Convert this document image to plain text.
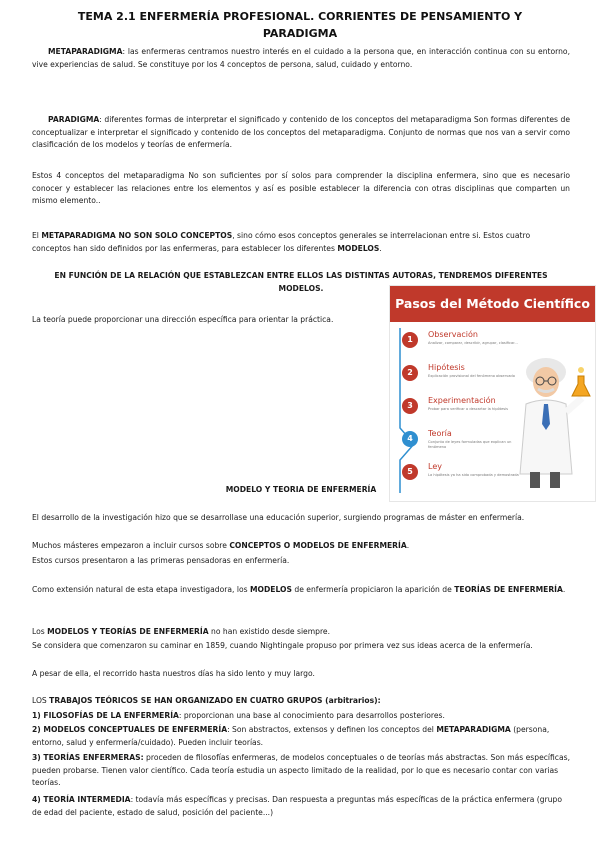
TEMA 2.1 ENFERMERÍA PROFESIONAL. CORRIENTES DE PENSAMIENTO Y
PARADIGMA

METAPARADIGMA: las enfermeras centramos nuestro interés en el cuidado a la persona que, en interacción continua con su entorno, vive experiencias de salud. Se constituye por los 4 conceptos de persona, salud, cuidado y entorno.

PARADIGMA: diferentes formas de interpretar el significado y contenido de los conceptos del metaparadigma Son formas diferentes de conceptualizar e interpretar el significado y contenido de los conceptos del metaparadigma. Conjunto de normas que nos van a servir como clasificación de los modelos y teorías de enfermería.

Estos 4 conceptos del metaparadigma No son suficientes por sí solos para comprender la disciplina enfermera, sino que es necesario conocer y establecer las relaciones entre los elementos y así es posible establecer la diferencia con otras disciplinas que comparten un mismo elemento..

El METAPARADIGMA NO SON SOLO CONCEPTOS, sino cómo esos conceptos generales se interrelacionan entre si. Estos cuatro conceptos han sido definidos por las enfermeras, para establecer los diferentes MODELOS.

EN FUNCIÓN DE LA RELACIÓN QUE ESTABLEZCAN ENTRE ELLOS LAS DISTINTAS AUTORAS, TENDREMOS DIFERENTES MODELOS.

La teoría puede proporcionar una dirección específica para orientar la práctica.

Pasos del Método Científico
1
Observación
Analizar, comparar, describir, agrupar, clasificar...
2
Hipótesis
Explicación provisional del fenómeno observado
3
Experimentación
Probar para verificar o descartar la hipótesis
4
Teoría
Conjunto de leyes formuladas que explican un fenómeno
5
Ley
La hipótesis ya ha sido comprobada y demostrada

MODELO Y TEORIA DE ENFERMERÍA

El desarrollo de la investigación hizo que se desarrollase una educación superior, surgiendo programas de máster en enfermería.

Muchos másteres empezaron a incluir cursos sobre CONCEPTOS O MODELOS DE ENFERMERÍA.

Estos cursos presentaron a las primeras pensadoras en enfermería.

Como extensión natural de esta etapa investigadora, los MODELOS de enfermería propiciaron la aparición de TEORÍAS DE ENFERMERÍA.

Los MODELOS Y TEORÍAS DE ENFERMERÍA no han existido desde siempre.

Se considera que comenzaron su caminar en 1859, cuando Nightingale propuso por primera vez sus ideas acerca de la enfermería.

A pesar de ella, el recorrido hasta nuestros días ha sido lento y muy largo.

LOS TRABAJOS TEÓRICOS SE HAN ORGANIZADO EN CUATRO GRUPOS (arbitrarios):

1) FILOSOFÍAS DE LA ENFERMERÍA: proporcionan una base al conocimiento para desarrollos posteriores.

2) MODELOS CONCEPTUALES DE ENFERMERÍA: Son abstractos, extensos y definen los conceptos del METAPARADIGMA (persona, entorno, salud y enfermería/cuidado). Pueden incluir teorías.

3) TEORÍAS ENFERMERAS: proceden de filosofías enfermeras, de modelos conceptuales o de teorías más abstractas. Son más específicas, pueden probarse. Tienen valor científico. Cada teoría estudia un aspecto limitado de la realidad, por lo que es necesario contar con varias teorías.

4) TEORÍA INTERMEDIA: todavía más específicas y precisas. Dan respuesta a preguntas más específicas de la práctica enfermera (grupo de edad del paciente, estado de salud, posición del paciente...)
